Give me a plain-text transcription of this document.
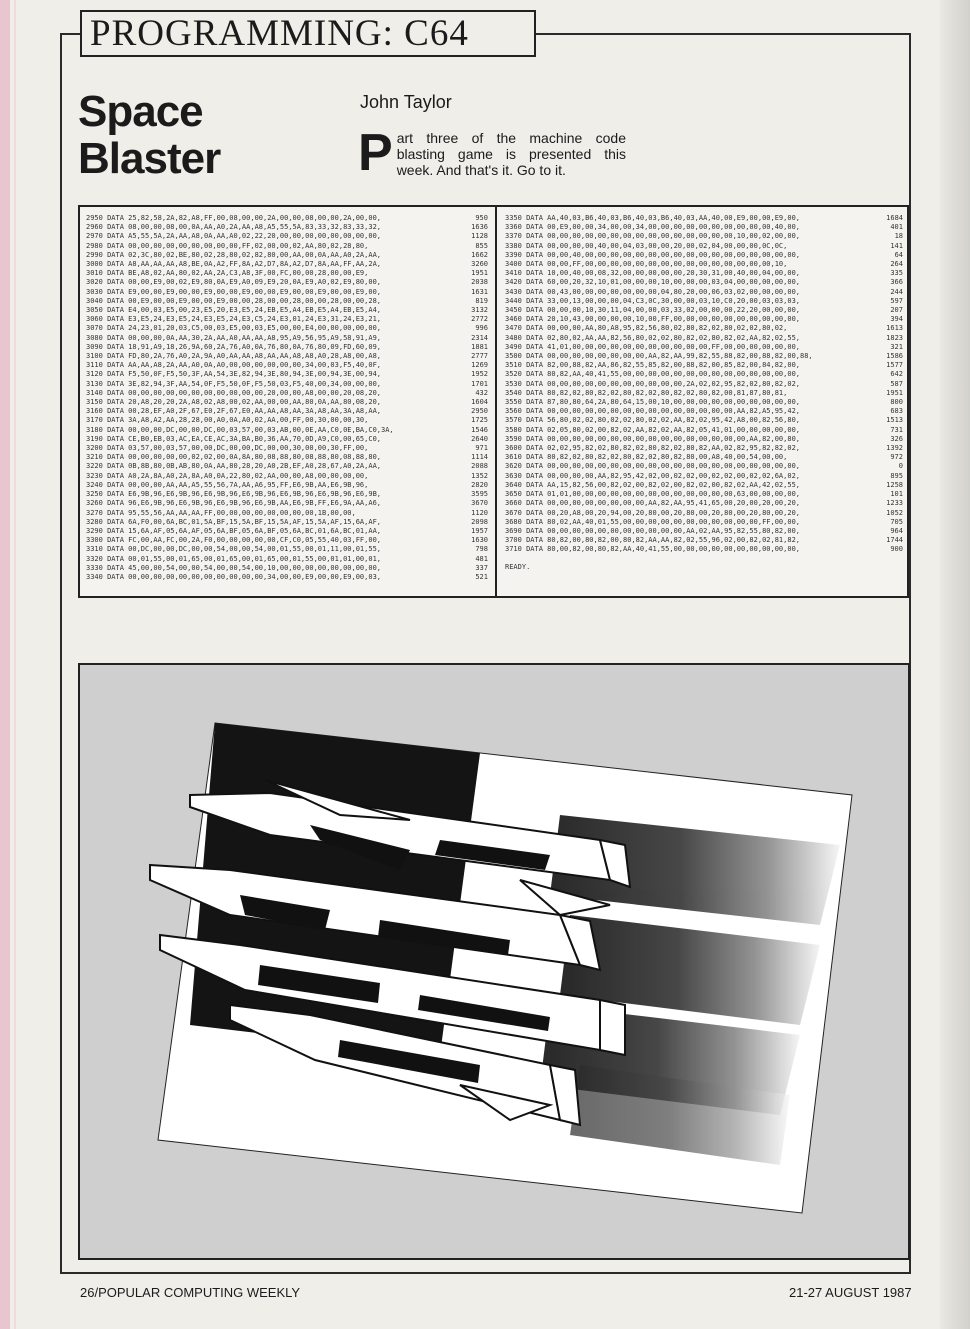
PROGRAMMING: C64
Space
Blaster
John Taylor
Part three of the machine code blasting game is presented this week. And that's it. Go to it.
2950 DATA 25,82,58,2A,82,A8,FF,00,08,00,00,2A,00,00,08,00,00,2A,00,00,	950
2960 DATA 08,00,00,08,00,0A,AA,A0,2A,AA,A8,A5,55,5A,83,33,32,83,33,32,	1636
2970 DATA A5,55,5A,2A,AA,A8,0A,AA,A0,02,22,20,00,00,00,00,00,00,00,00,	1128
2980 DATA 00,00,00,00,00,00,00,00,00,FF,02,00,00,02,AA,80,02,28,80,	855
2990 DATA 02,3C,80,02,BE,80,02,28,80,02,82,80,00,AA,00,0A,AA,A0,2A,AA,	1662
3000 DATA A8,AA,AA,AA,A8,BE,0A,A2,FF,8A,A2,D7,8A,A2,D7,8A,AA,FF,AA,2A,	3260
3010 DATA BE,A8,02,AA,80,02,AA,2A,C3,A8,3F,00,FC,00,00,28,00,00,E9,	1951
3020 DATA 00,00,E9,00,02,E9,80,0A,E9,A0,09,E9,20,0A,E9,A0,02,E9,80,00,	2038
3030 DATA E9,00,00,E9,00,00,E9,00,00,E9,00,00,E9,00,00,E9,00,00,E9,00,	1631
3040 DATA 00,E9,00,00,E9,00,00,E9,00,00,28,00,00,28,00,00,28,00,00,28,	819
3050 DATA E4,00,03,E5,00,23,E5,20,E3,E5,24,EB,E5,A4,EB,E5,A4,EB,E5,A4,	3132
3060 DATA E3,E5,24,E3,E5,24,E3,E5,24,E3,C5,24,E3,01,24,E3,31,24,E3,21,	2772
3070 DATA 24,23,01,20,03,C5,00,03,E5,00,03,E5,00,00,E4,00,00,00,00,00,	996
3080 DATA 00,00,00,0A,AA,30,2A,AA,A0,AA,AA,A8,95,A9,56,95,A9,58,91,A9,	2314
3090 DATA 18,91,A9,18,26,9A,60,2A,76,A0,0A,76,80,0A,76,80,09,FD,60,09,	1881
3100 DATA FD,80,2A,76,A0,2A,9A,A0,AA,AA,A8,AA,AA,A8,A8,A0,28,A8,00,A8,	2777
3110 DATA AA,AA,A8,2A,AA,A0,0A,A0,00,00,00,00,00,00,34,00,03,F5,40,0F,	1269
3120 DATA F5,50,0F,F5,50,3F,AA,54,3E,82,94,3E,80,94,3E,00,94,3E,00,94,	1952
3130 DATA 3E,82,94,3F,AA,54,0F,F5,50,0F,F5,50,03,F5,40,00,34,00,00,00,	1701
3140 DATA 00,00,00,00,00,00,00,00,00,00,00,20,00,00,A8,00,00,20,08,20,	432
3150 DATA 20,A8,20,20,2A,A8,02,A8,00,02,AA,00,00,AA,80,0A,AA,80,08,20,	1604
3160 DATA 00,28,EF,A0,2F,67,E0,2F,67,E0,AA,AA,A8,AA,3A,A8,AA,3A,A8,AA,	2950
3170 DATA 3A,A8,A2,AA,28,28,00,A0,0A,A0,02,AA,00,FF,00,30,00,00,30,	1725
3180 DATA 00,00,00,DC,00,00,DC,00,03,57,00,03,AB,00,0E,AA,C0,0E,BA,C0,3A,	1546
3190 DATA CE,B0,EB,03,AC,EA,CE,AC,3A,BA,B0,36,AA,70,0D,A9,C0,00,65,C0,	2640
3200 DATA 03,57,00,03,57,00,00,DC,00,00,DC,00,00,30,00,00,30,FF,00,	971
3210 DATA 00,00,00,00,00,02,02,00,0A,8A,80,08,88,80,08,88,80,08,88,80,	1114
3220 DATA 0B,8B,80,0B,AB,80,0A,AA,80,28,20,A0,2B,EF,A0,28,67,A0,2A,AA,	2088
3230 DATA A0,2A,8A,A0,2A,8A,A0,0A,22,80,02,AA,00,00,A8,00,00,00,00,	1352
3240 DATA 00,00,00,AA,AA,A5,55,56,7A,AA,A6,95,FF,E6,9B,AA,E6,9B,96,	2820
3250 DATA E6,9B,96,E6,9B,96,E6,9B,96,E6,9B,96,E6,9B,96,E6,9B,96,E6,9B,	3595
3260 DATA 96,E6,9B,96,E6,9B,96,E6,9B,96,E6,9B,AA,E6,9B,FF,E6,9A,AA,A6,	3670
3270 DATA 95,55,56,AA,AA,AA,FF,00,00,00,00,00,00,00,00,1B,00,00,	1120
3280 DATA 6A,F0,00,6A,BC,01,5A,BF,15,5A,BF,15,5A,AF,15,5A,AF,15,6A,AF,	2098
3290 DATA 15,6A,AF,05,6A,AF,05,6A,BF,05,6A,BF,05,6A,BC,01,6A,BC,01,AA,	1957
3300 DATA FC,00,AA,FC,00,2A,F0,00,00,00,00,00,CF,C0,05,55,40,03,FF,00,	1630
3310 DATA 00,DC,00,00,DC,00,00,54,00,00,54,00,01,55,00,01,11,00,01,55,	798
3320 DATA 00,01,55,00,01,65,00,01,65,00,01,65,00,01,55,00,01,01,00,01,	481
3330 DATA 45,00,00,54,00,00,54,00,00,54,00,10,00,00,00,00,00,00,00,00,	337
3340 DATA 00,00,00,00,00,00,00,00,00,00,00,34,00,00,E9,00,00,E9,00,03,	521
3350 DATA AA,40,03,B6,40,03,B6,40,03,B6,40,03,AA,40,00,E9,00,00,E9,00,	1684
3360 DATA 00,E9,00,00,34,00,00,34,00,00,00,00,00,00,00,00,00,00,40,00,	401
3370 DATA 00,00,00,00,00,00,00,00,00,00,00,00,00,00,00,10,00,02,00,00,	18
3380 DATA 00,00,00,00,40,00,04,03,00,00,20,00,02,04,00,00,00,0C,0C,	141
3390 DATA 00,00,40,00,00,00,00,00,00,00,00,00,00,00,00,00,00,00,00,00,	64
3400 DATA 00,00,FF,00,00,00,00,00,00,00,00,00,00,00,00,00,00,00,10,	264
3410 DATA 10,00,40,00,08,32,00,00,00,00,00,20,30,31,00,40,00,04,00,00,	335
3420 DATA 60,00,20,32,10,01,00,00,00,10,00,00,00,03,04,00,00,00,00,00,	366
3430 DATA 00,43,00,00,00,00,00,00,00,04,80,20,00,06,03,02,00,00,00,00,	244
3440 DATA 33,00,13,00,00,00,04,C3,0C,30,00,00,03,10,C0,20,00,03,03,03,	597
3450 DATA 00,00,00,10,30,11,04,00,00,03,33,02,00,00,00,22,20,00,00,00,	207
3460 DATA 20,10,43,00,00,00,00,10,00,FF,00,00,00,00,00,00,00,00,00,00,	394
3470 DATA 00,00,00,AA,80,A8,95,82,56,80,02,80,82,02,80,02,02,80,02,	1613
3480 DATA 02,80,02,AA,AA,82,56,80,02,02,80,82,02,80,82,02,AA,82,02,55,	1823
3490 DATA 41,01,00,00,00,00,00,00,00,00,00,00,00,FF,00,00,00,00,00,00,	321
3500 DATA 00,00,00,00,00,00,00,00,AA,82,AA,99,82,55,88,82,00,88,82,00,88,	1586
3510 DATA 82,00,88,82,AA,86,82,55,85,82,00,88,82,00,85,82,00,84,82,00,	1577
3520 DATA 80,82,AA,40,41,55,00,00,00,00,00,00,00,00,00,00,00,00,00,00,	642
3530 DATA 00,00,00,00,00,00,00,00,00,00,00,2A,02,02,95,82,02,80,82,02,	587
3540 DATA 80,82,02,80,82,02,80,82,02,80,82,02,80,82,00,81,87,80,81,	1951
3550 DATA 87,80,80,64,2A,80,64,15,00,10,00,00,00,00,00,00,00,00,00,00,	800
3560 DATA 00,00,00,00,00,00,00,00,00,00,00,00,00,00,00,AA,82,A5,95,42,	683
3570 DATA 56,80,02,02,80,02,02,80,02,02,AA,82,02,95,42,A8,00,82,56,80,	1513
3580 DATA 02,05,80,02,00,82,02,AA,82,02,AA,82,05,41,01,00,00,00,00,00,	731
3590 DATA 00,00,00,00,00,00,00,00,00,00,00,00,00,00,00,00,AA,82,00,80,	326
3600 DATA 02,02,95,82,02,80,82,02,80,82,02,80,82,AA,02,82,95,82,82,02,	1392
3610 DATA 80,82,02,80,82,02,80,82,02,80,82,80,00,A8,40,00,54,00,00,	972
3620 DATA 00,00,00,00,00,00,00,00,00,00,00,00,00,00,00,00,00,00,00,00,	0
3630 DATA 00,00,00,00,AA,82,95,42,02,00,02,02,00,02,02,00,02,02,6A,02,	895
3640 DATA AA,15,82,56,00,82,02,00,82,02,00,82,02,00,82,02,AA,42,02,55,	1258
3650 DATA 01,01,00,00,00,00,00,00,00,00,00,00,00,00,00,63,00,00,00,00,	101
3660 DATA 00,00,00,00,00,00,00,00,AA,82,AA,95,41,65,00,20,00,20,00,20,	1233
3670 DATA 00,20,A8,00,20,94,00,20,80,00,20,80,00,20,80,00,20,80,00,20,	1052
3680 DATA 80,02,AA,40,01,55,00,00,00,00,00,00,00,00,00,00,00,FF,00,00,	705
3690 DATA 00,00,00,00,00,00,00,00,00,00,00,AA,02,AA,95,82,55,80,82,00,	964
3700 DATA 80,82,00,80,82,00,80,82,AA,AA,82,02,55,96,02,00,82,02,81,82,	1744
3710 DATA 80,00,82,00,80,82,AA,40,41,55,00,00,00,00,00,00,00,00,00,00,	900
READY.
26/POPULAR COMPUTING WEEKLY	21-27 AUGUST 1987
